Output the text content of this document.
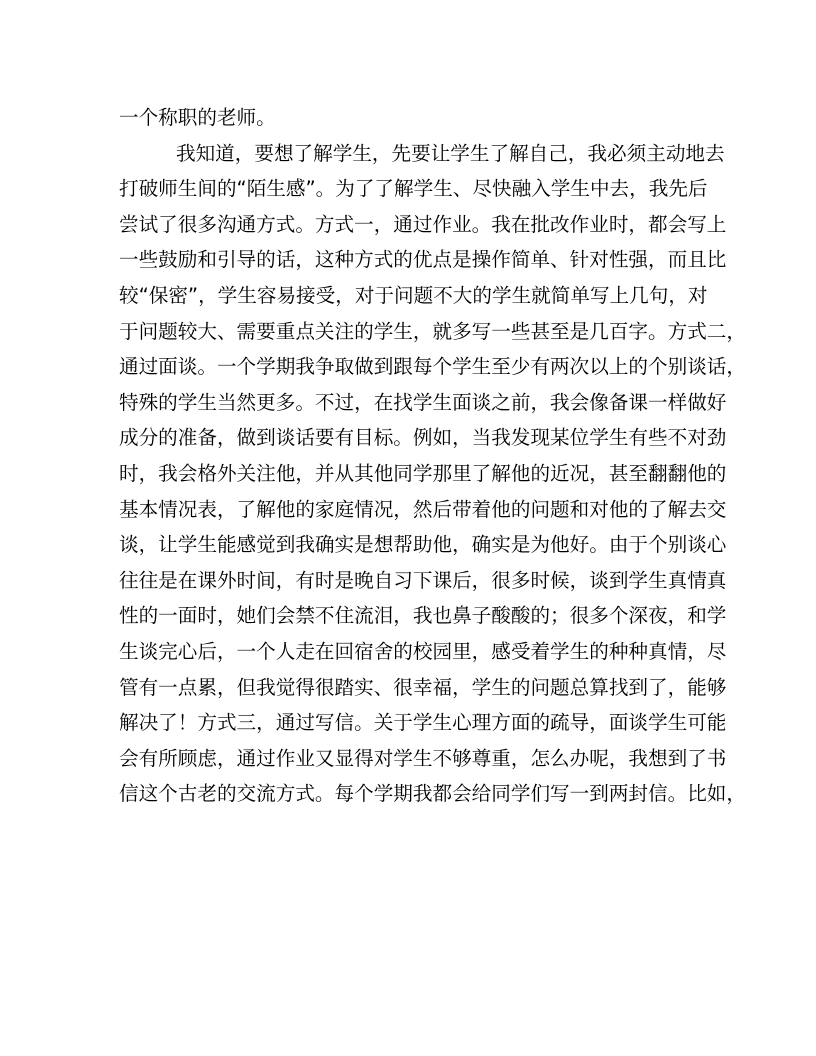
一个称职的老师。
我知道，要想了解学生，先要让学生了解自己，我必须主动地去
打破师生间的“陌生感”。为了了解学生、尽快融入学生中去，我先后
尝试了很多沟通方式。方式一，通过作业。我在批改作业时，都会写上
一些鼓励和引导的话，这种方式的优点是操作简单、针对性强，而且比
较“保密”，学生容易接受，对于问题不大的学生就简单写上几句，对
于问题较大、需要重点关注的学生，就多写一些甚至是几百字。方式二，
通过面谈。一个学期我争取做到跟每个学生至少有两次以上的个别谈话，
特殊的学生当然更多。不过，在找学生面谈之前，我会像备课一样做好
成分的准备，做到谈话要有目标。例如，当我发现某位学生有些不对劲
时，我会格外关注他，并从其他同学那里了解他的近况，甚至翻翻他的
基本情况表，了解他的家庭情况，然后带着他的问题和对他的了解去交
谈，让学生能感觉到我确实是想帮助他，确实是为他好。由于个别谈心
往往是在课外时间，有时是晚自习下课后，很多时候，谈到学生真情真
性的一面时，她们会禁不住流泪，我也鼻子酸酸的；很多个深夜，和学
生谈完心后，一个人走在回宿舍的校园里，感受着学生的种种真情，尽
管有一点累，但我觉得很踏实、很幸福，学生的问题总算找到了，能够
解决了！方式三，通过写信。关于学生心理方面的疏导，面谈学生可能
会有所顾虑，通过作业又显得对学生不够尊重，怎么办呢，我想到了书
信这个古老的交流方式。每个学期我都会给同学们写一到两封信。比如，
